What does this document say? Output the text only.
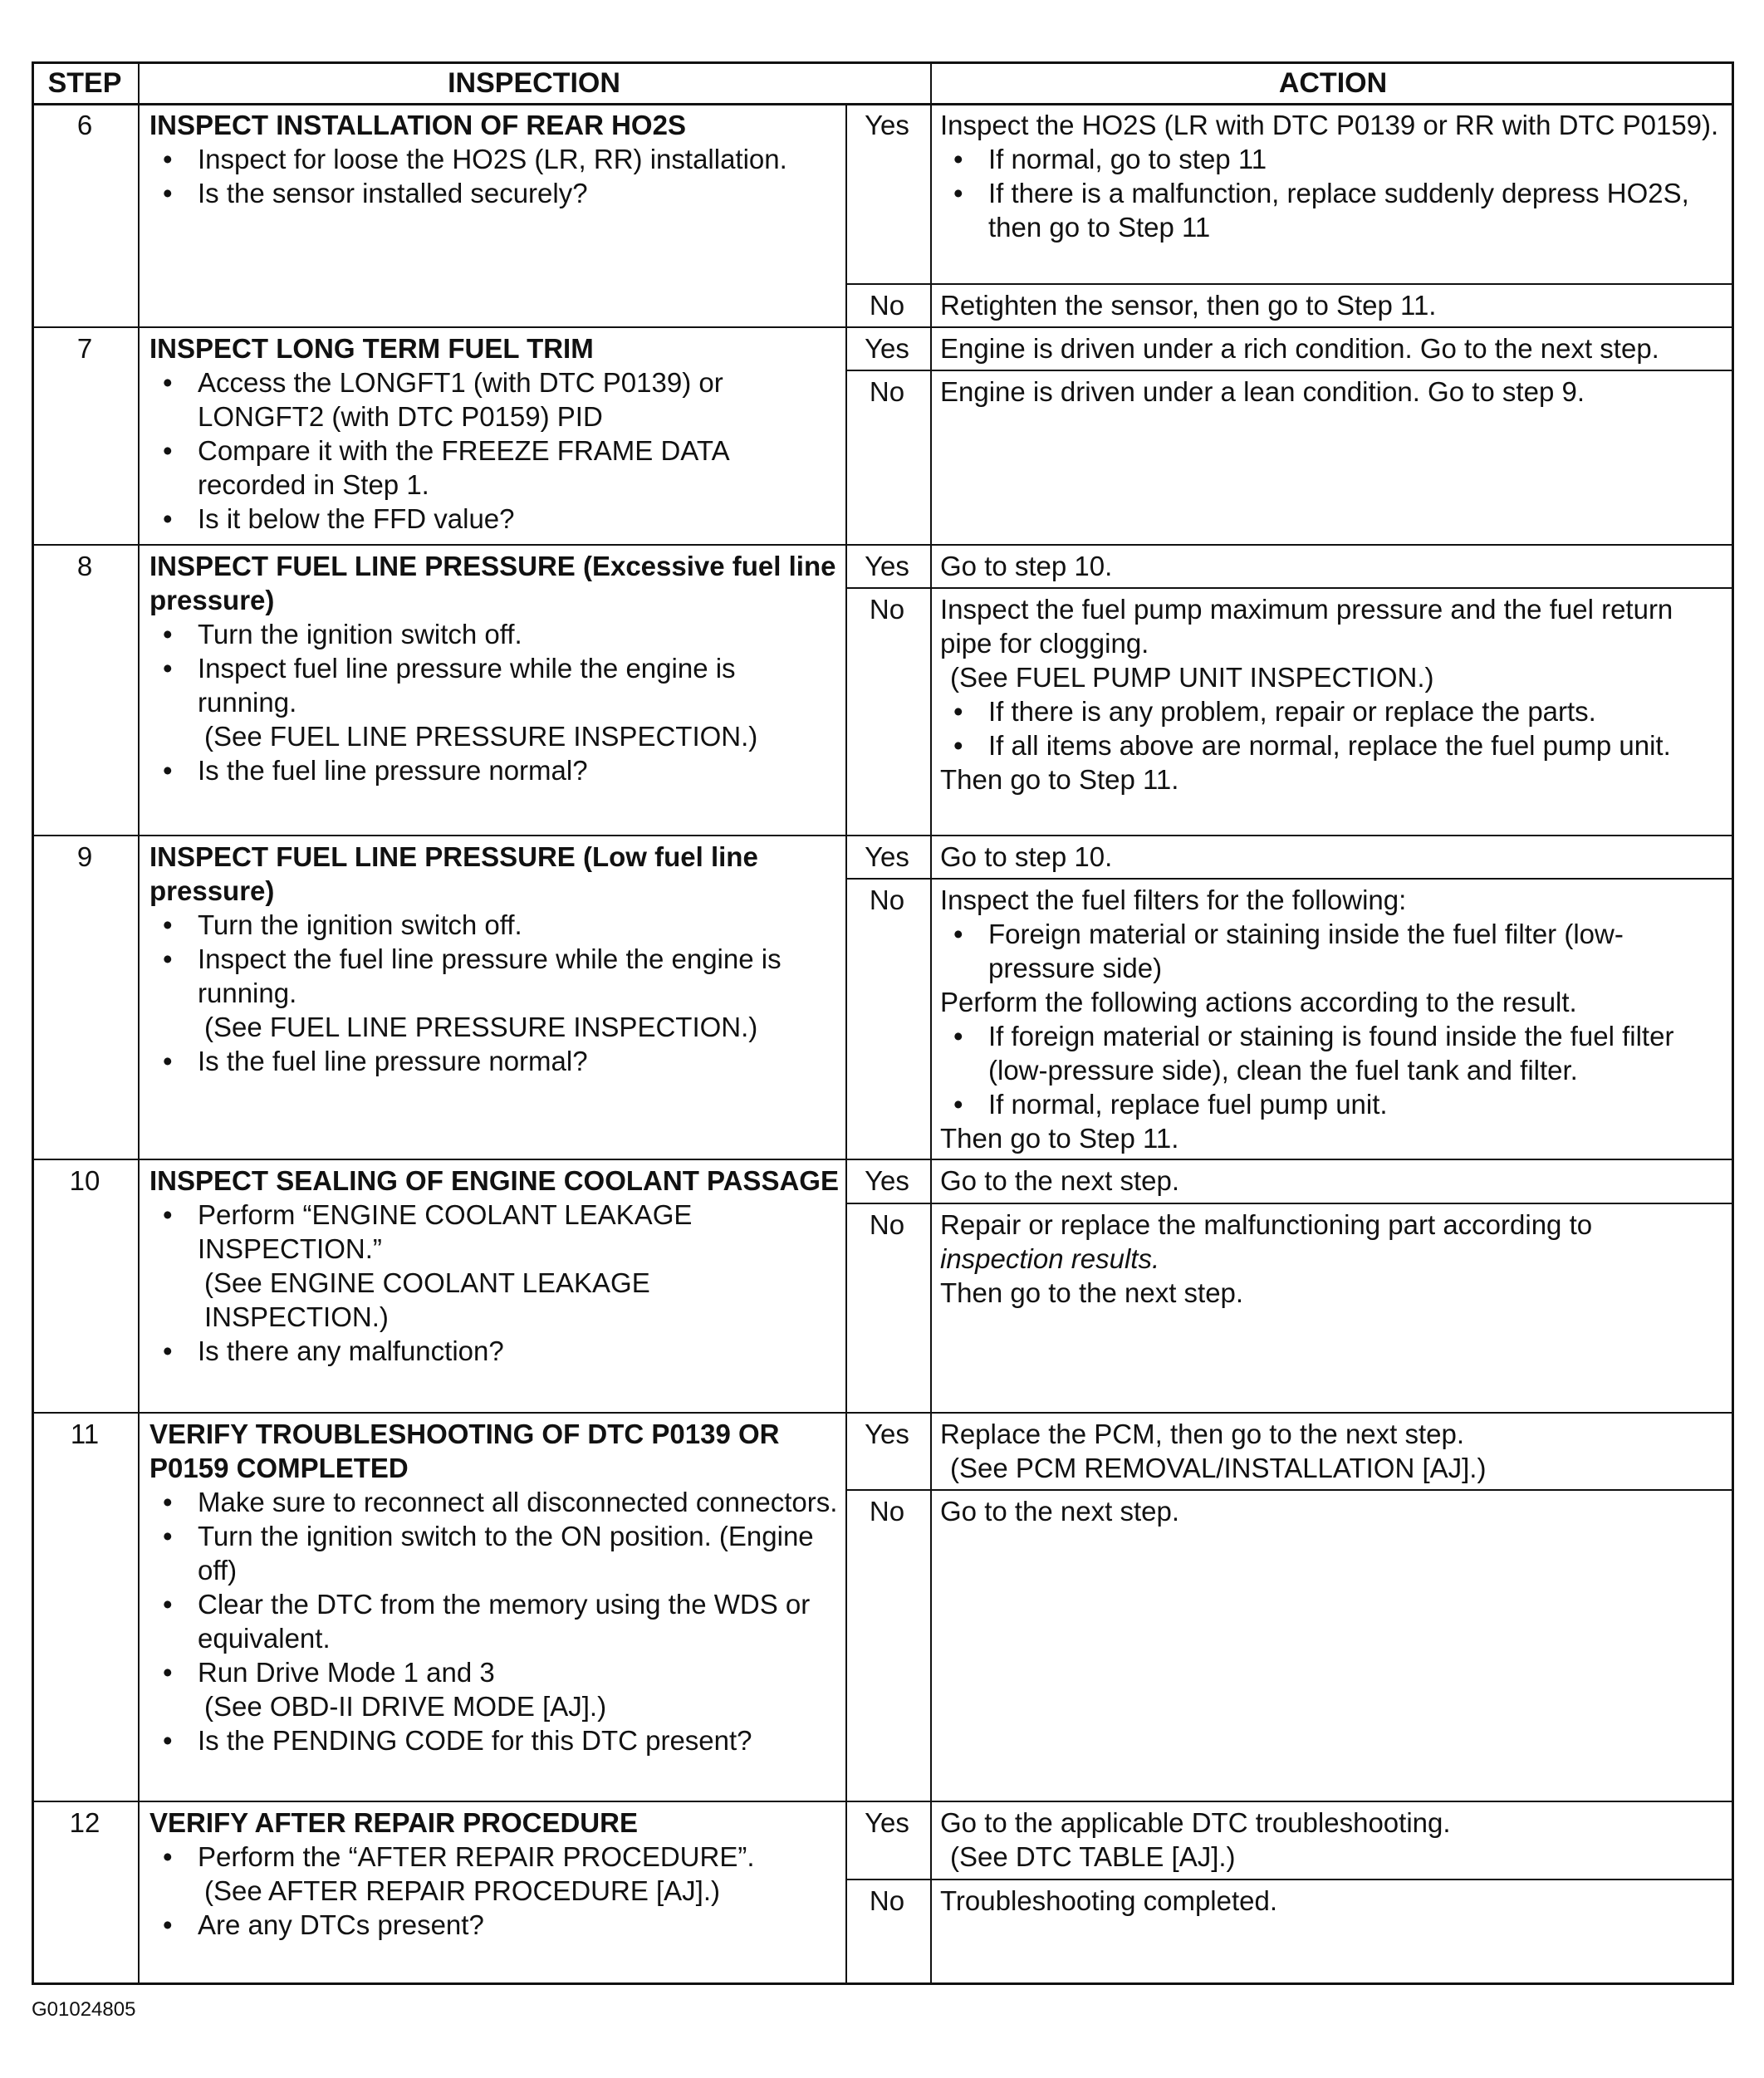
STEP	INSPECTION	ACTION
6	INSPECT INSTALLATION OF REAR HO2S
• Inspect for loose the HO2S (LR, RR) installation.
• Is the sensor installed securely?
Yes	Inspect the HO2S (LR with DTC P0139 or RR with DTC P0159).
• If normal, go to step 11
• If there is a malfunction, replace suddenly depress HO2S, then go to Step 11
No	Retighten the sensor, then go to Step 11.
7	INSPECT LONG TERM FUEL TRIM
• Access the LONGFT1 (with DTC P0139) or LONGFT2 (with DTC P0159) PID
• Compare it with the FREEZE FRAME DATA recorded in Step 1.
• Is it below the FFD value?
Yes	Engine is driven under a rich condition. Go to the next step.
No	Engine is driven under a lean condition. Go to step 9.
8	INSPECT FUEL LINE PRESSURE (Excessive fuel line pressure)
• Turn the ignition switch off.
• Inspect fuel line pressure while the engine is running.
(See FUEL LINE PRESSURE INSPECTION.)
• Is the fuel line pressure normal?
Yes	Go to step 10.
No	Inspect the fuel pump maximum pressure and the fuel return pipe for clogging.
(See FUEL PUMP UNIT INSPECTION.)
• If there is any problem, repair or replace the parts.
• If all items above are normal, replace the fuel pump unit.
Then go to Step 11.
9	INSPECT FUEL LINE PRESSURE (Low fuel line pressure)
• Turn the ignition switch off.
• Inspect the fuel line pressure while the engine is running.
(See FUEL LINE PRESSURE INSPECTION.)
• Is the fuel line pressure normal?
Yes	Go to step 10.
No	Inspect the fuel filters for the following:
• Foreign material or staining inside the fuel filter (low-pressure side)
Perform the following actions according to the result.
• If foreign material or staining is found inside the fuel filter (low-pressure side), clean the fuel tank and filter.
• If normal, replace fuel pump unit.
Then go to Step 11.
10	INSPECT SEALING OF ENGINE COOLANT PASSAGE
• Perform “ENGINE COOLANT LEAKAGE INSPECTION.”
(See ENGINE COOLANT LEAKAGE INSPECTION.)
• Is there any malfunction?
Yes	Go to the next step.
No	Repair or replace the malfunctioning part according to
inspection results.
Then go to the next step.
11	VERIFY TROUBLESHOOTING OF DTC P0139 OR P0159 COMPLETED
• Make sure to reconnect all disconnected connectors.
• Turn the ignition switch to the ON position. (Engine off)
• Clear the DTC from the memory using the WDS or equivalent.
• Run Drive Mode 1 and 3
(See OBD-II DRIVE MODE [AJ].)
• Is the PENDING CODE for this DTC present?
Yes	Replace the PCM, then go to the next step.
(See PCM REMOVAL/INSTALLATION [AJ].)
No	Go to the next step.
12	VERIFY AFTER REPAIR PROCEDURE
• Perform the “AFTER REPAIR PROCEDURE”.
(See AFTER REPAIR PROCEDURE [AJ].)
• Are any DTCs present?
Yes	Go to the applicable DTC troubleshooting.
(See DTC TABLE [AJ].)
No	Troubleshooting completed.
G01024805
